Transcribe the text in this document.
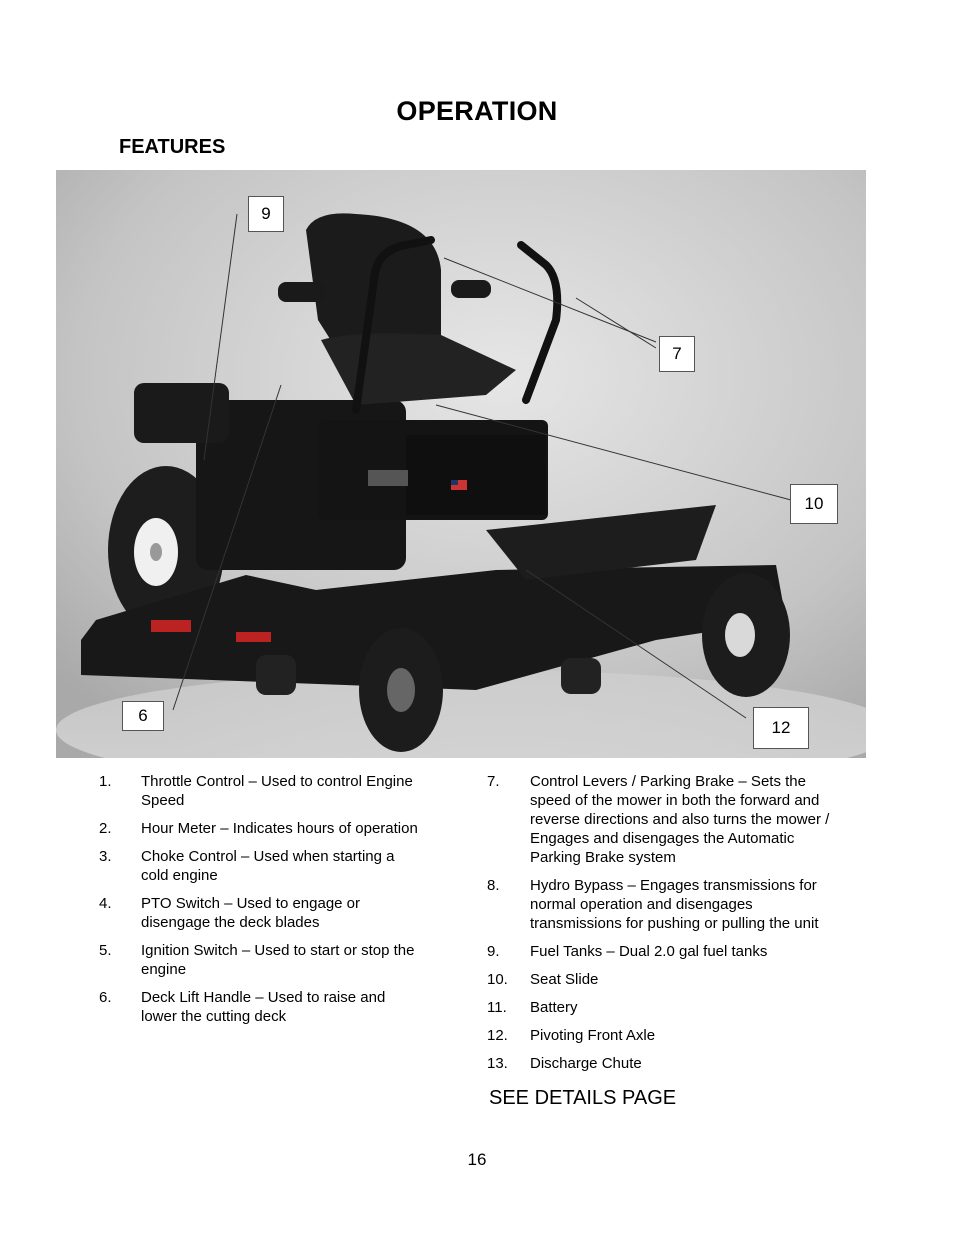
OPERATION
FEATURES
9
7
10
6
12
1. Throttle Control – Used to control Engine Speed
2. Hour Meter – Indicates hours of operation
3. Choke Control – Used when starting a cold engine
4. PTO Switch – Used to engage or disengage the deck blades
5. Ignition Switch – Used to start or stop the engine
6. Deck Lift Handle – Used to raise and lower the cutting deck
7. Control Levers / Parking Brake – Sets the speed of the mower in both the forward and reverse directions and also turns the mower / Engages and disengages the Automatic Parking Brake system
8. Hydro Bypass – Engages transmissions for normal operation and disengages transmissions for pushing or pulling the unit
9. Fuel Tanks – Dual 2.0 gal fuel tanks
10. Seat Slide
11. Battery
12. Pivoting Front Axle
13. Discharge Chute
SEE DETAILS PAGE
16
